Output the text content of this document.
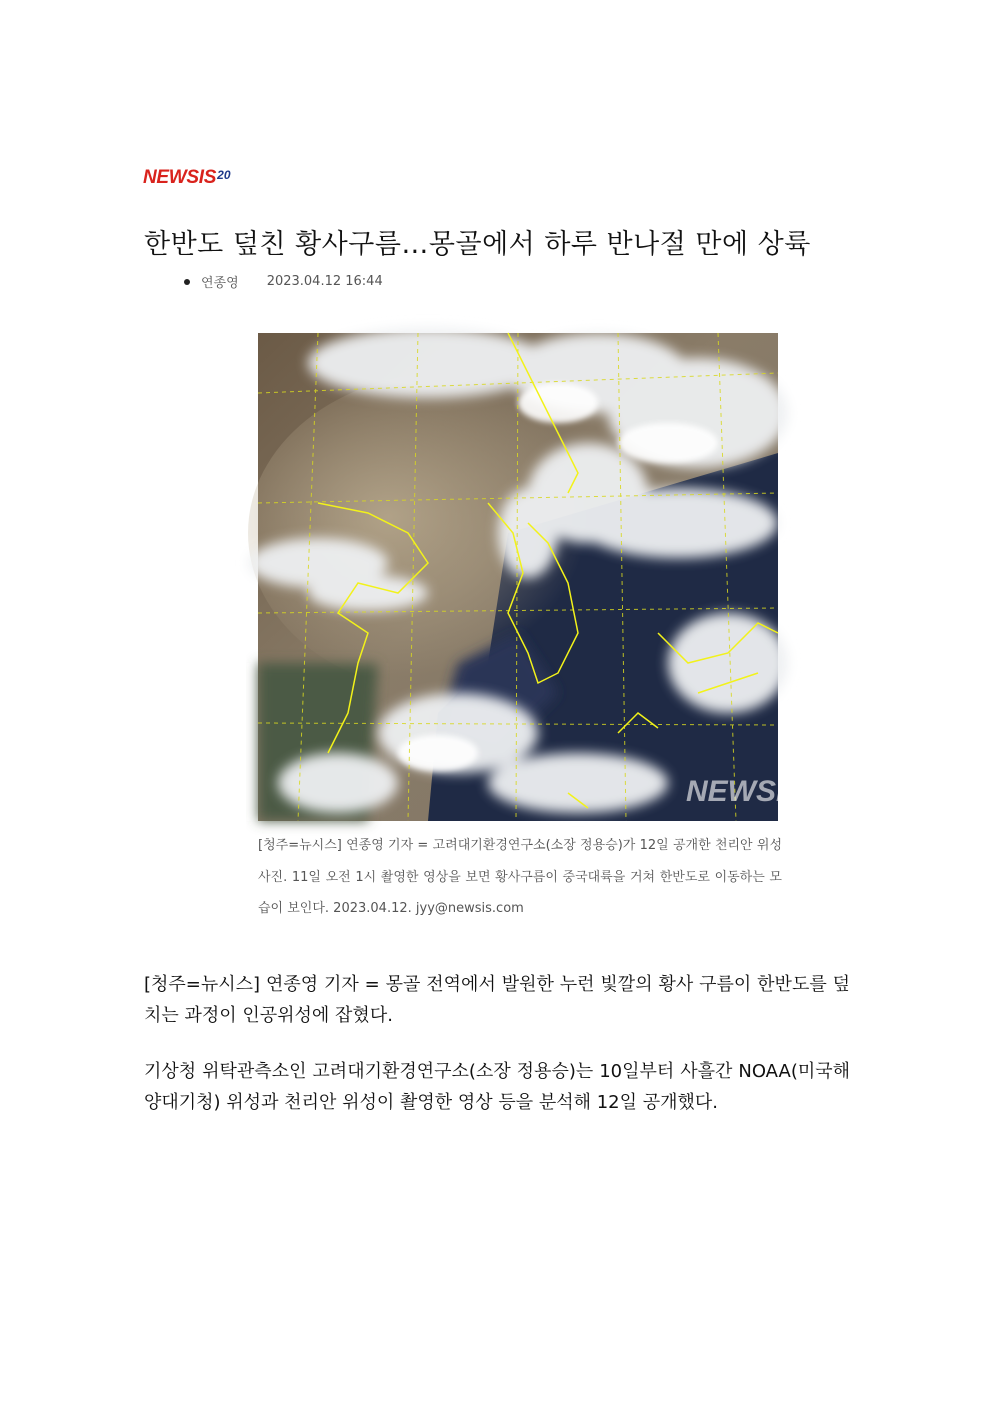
NEWSIS 20
한반도 덮친 황사구름…몽골에서 하루 반나절 만에 상륙
연종영 2023.04.12 16:44
NEWSIS

[청주=뉴시스] 연종영 기자 = 고려대기환경연구소(소장 정용승)가 12일 공개한 천리안 위성사진. 11일 오전 1시 촬영한 영상을 보면 황사구름이 중국대륙을 거쳐 한반도로 이동하는 모습이 보인다. 2023.04.12. jyy@newsis.com

[청주=뉴시스] 연종영 기자 = 몽골 전역에서 발원한 누런 빛깔의 황사 구름이 한반도를 덮치는 과정이 인공위성에 잡혔다.

기상청 위탁관측소인 고려대기환경연구소(소장 정용승)는 10일부터 사흘간 NOAA(미국해양대기청) 위성과 천리안 위성이 촬영한 영상 등을 분석해 12일 공개했다.
